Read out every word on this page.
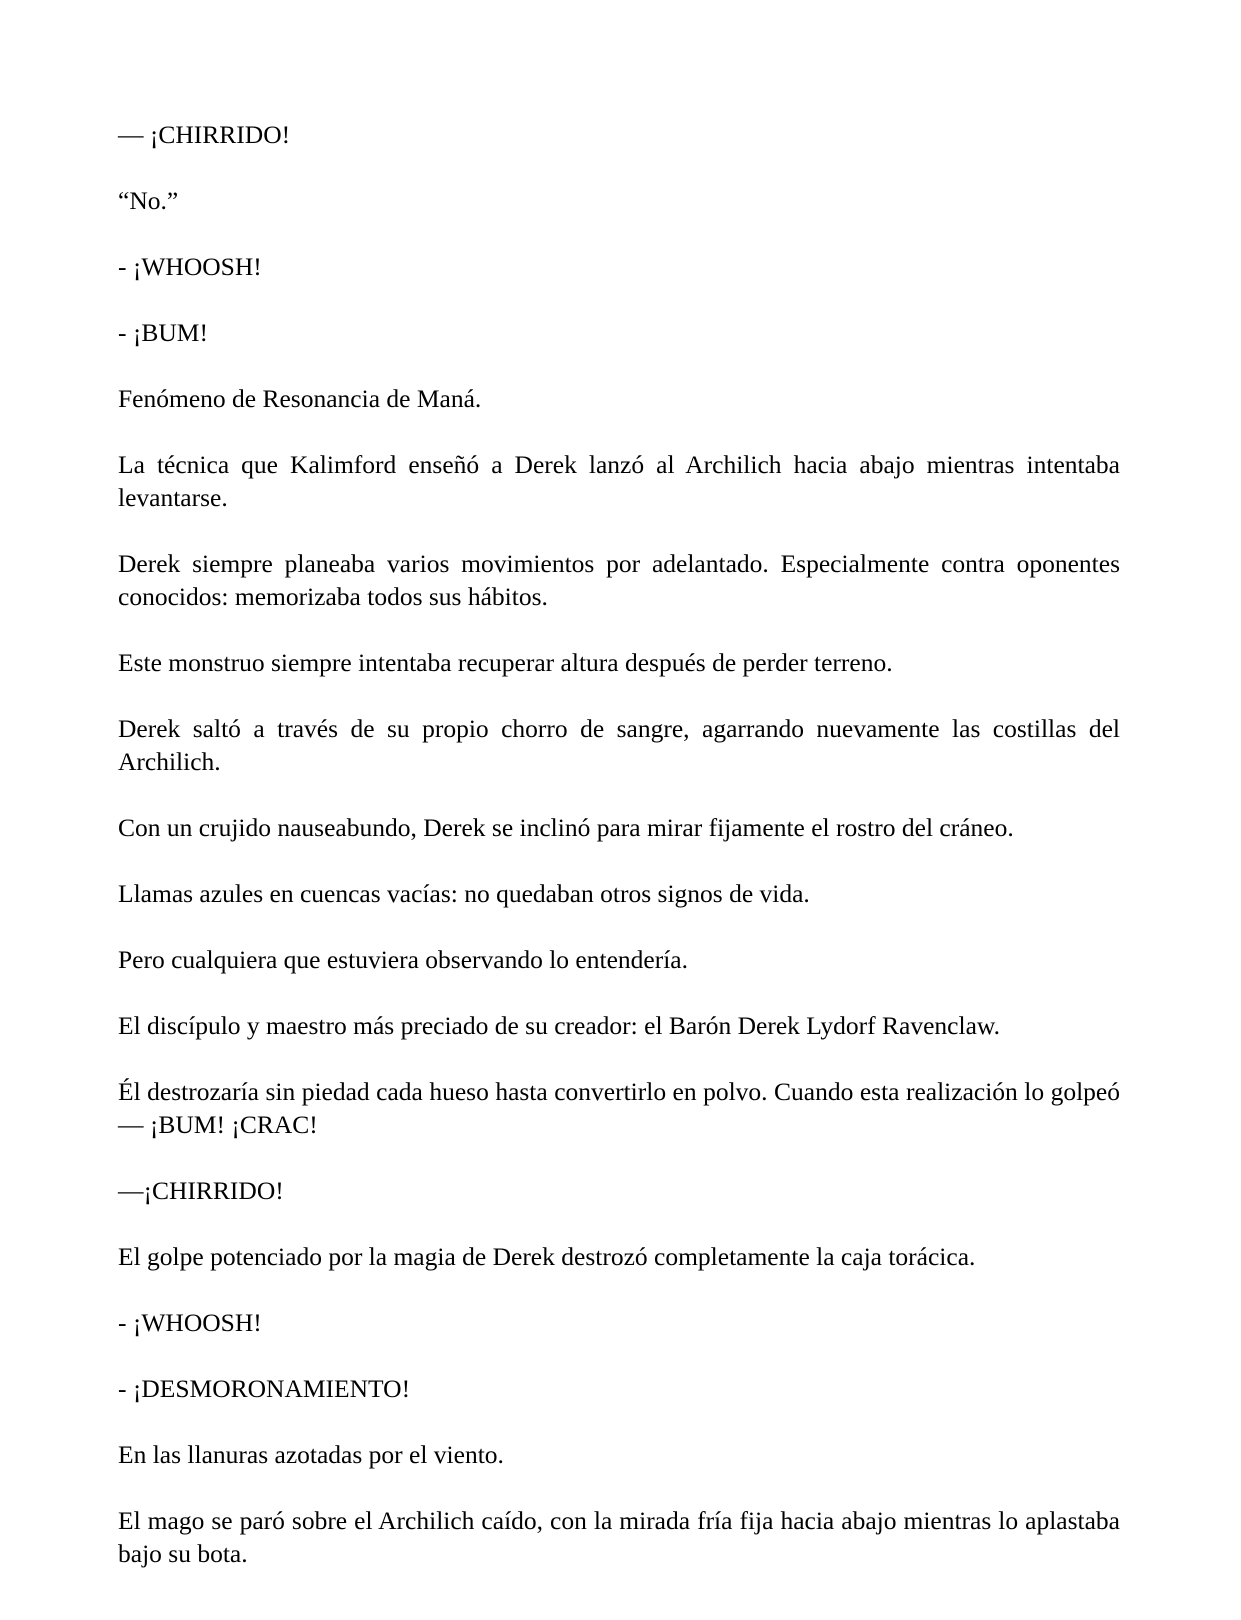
— ¡CHIRRIDO!

“No.”

- ¡WHOOSH!

- ¡BUM!

Fenómeno de Resonancia de Maná.

La técnica que Kalimford enseñó a Derek lanzó al Archilich hacia abajo mientras intentaba levantarse.

Derek siempre planeaba varios movimientos por adelantado. Especialmente contra oponentes conocidos: memorizaba todos sus hábitos.

Este monstruo siempre intentaba recuperar altura después de perder terreno.

Derek saltó a través de su propio chorro de sangre, agarrando nuevamente las costillas del Archilich.

Con un crujido nauseabundo, Derek se inclinó para mirar fijamente el rostro del cráneo.

Llamas azules en cuencas vacías: no quedaban otros signos de vida.

Pero cualquiera que estuviera observando lo entendería.

El discípulo y maestro más preciado de su creador: el Barón Derek Lydorf Ravenclaw.

Él destrozaría sin piedad cada hueso hasta convertirlo en polvo. Cuando esta realización lo golpeó— ¡BUM! ¡CRAC!

—¡CHIRRIDO!

El golpe potenciado por la magia de Derek destrozó completamente la caja torácica.

- ¡WHOOSH!

- ¡DESMORONAMIENTO!

En las llanuras azotadas por el viento.

El mago se paró sobre el Archilich caído, con la mirada fría fija hacia abajo mientras lo aplastaba bajo su bota.
